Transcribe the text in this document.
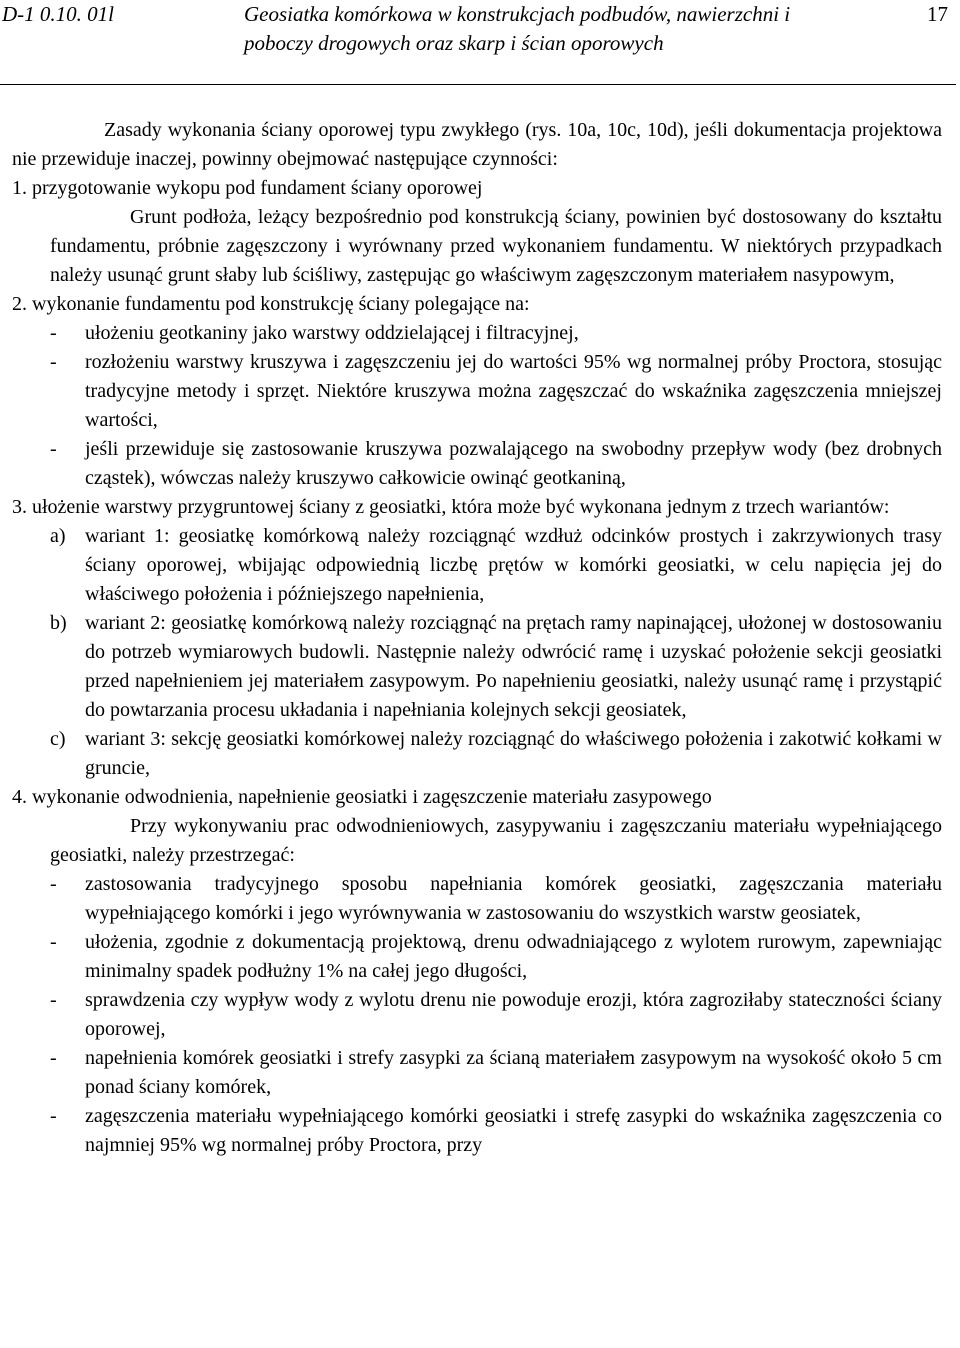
D-1 0.10. 01l	Geosiatka komórkowa w konstrukcjach podbudów, nawierzchni i poboczy drogowych oraz skarp i ścian oporowych
17

Zasady wykonania ściany oporowej typu zwykłego (rys. 10a, 10c, 10d), jeśli dokumentacja projektowa nie przewiduje inaczej, powinny obejmować następujące czynności:

1. przygotowanie wykopu pod fundament ściany oporowej

Grunt podłoża, leżący bezpośrednio pod konstrukcją ściany, powinien być dostosowany do kształtu fundamentu, próbnie zagęszczony i wyrównany przed wykonaniem fundamentu. W niektórych przypadkach należy usunąć grunt słaby lub ściśliwy, zastępując go właściwym zagęszczonym materiałem nasypowym,

2. wykonanie fundamentu pod konstrukcję ściany polegające na:

- ułożeniu geotkaniny jako warstwy oddzielającej i filtracyjnej,

- rozłożeniu warstwy kruszywa i zagęszczeniu jej do wartości 95% wg normalnej próby Proctora, stosując tradycyjne metody i sprzęt. Niektóre kruszywa można zagęszczać do wskaźnika zagęszczenia mniejszej wartości,

- jeśli przewiduje się zastosowanie kruszywa pozwalającego na swobodny przepływ wody (bez drobnych cząstek), wówczas należy kruszywo całkowicie owinąć geotkaniną,

3. ułożenie warstwy przygruntowej ściany z geosiatki, która może być wykonana jednym z trzech wariantów:

a) wariant 1: geosiatkę komórkową należy rozciągnąć wzdłuż odcinków prostych i zakrzywionych trasy ściany oporowej, wbijając odpowiednią liczbę prętów w komórki geosiatki, w celu napięcia jej do właściwego położenia i późniejszego napełnienia,

b) wariant 2: geosiatkę komórkową należy rozciągnąć na prętach ramy napinającej, ułożonej w dostosowaniu do potrzeb wymiarowych budowli. Następnie należy odwrócić ramę i uzyskać położenie sekcji geosiatki przed napełnieniem jej materiałem zasypowym. Po napełnieniu geosiatki, należy usunąć ramę i przystąpić do powtarzania procesu układania i napełniania kolejnych sekcji geosiatek,

c) wariant 3: sekcję geosiatki komórkowej należy rozciągnąć do właściwego położenia i zakotwić kołkami w gruncie,

4. wykonanie odwodnienia, napełnienie geosiatki i zagęszczenie materiału zasypowego

Przy wykonywaniu prac odwodnieniowych, zasypywaniu i zagęszczaniu materiału wypełniającego geosiatki, należy przestrzegać:

- zastosowania tradycyjnego sposobu napełniania komórek geosiatki, zagęszczania materiału wypełniającego komórki i jego wyrównywania w zastosowaniu do wszystkich warstw geosiatek,

- ułożenia, zgodnie z dokumentacją projektową, drenu odwadniającego z wylotem rurowym, zapewniając minimalny spadek podłużny 1% na całej jego długości,

- sprawdzenia czy wypływ wody z wylotu drenu nie powoduje erozji, która zagroziłaby stateczności ściany oporowej,

- napełnienia komórek geosiatki i strefy zasypki za ścianą materiałem zasypowym na wysokość około 5 cm ponad ściany komórek,

- zagęszczenia materiału wypełniającego komórki geosiatki i strefę zasypki do wskaźnika zagęszczenia co najmniej 95% wg normalnej próby Proctora, przy
